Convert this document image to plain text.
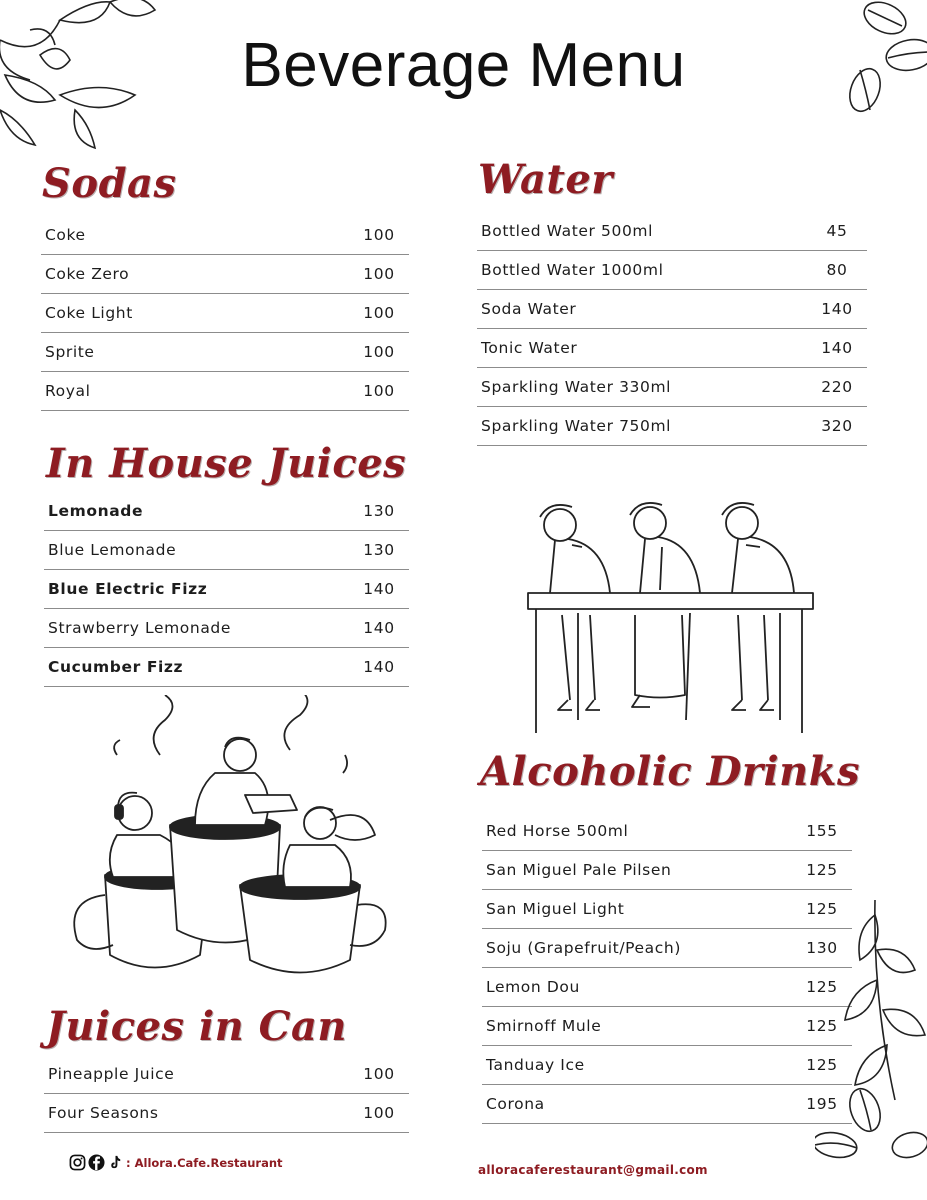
Beverage Menu
Sodas
Coke	100
Coke Zero	100
Coke Light	100
Sprite	100
Royal	100
Water
Bottled Water 500ml	45
Bottled Water 1000ml	80
Soda Water	140
Tonic Water	140
Sparkling Water 330ml	220
Sparkling Water 750ml	320
In House Juices
Lemonade	130
Blue Lemonade	130
Blue Electric Fizz	140
Strawberry Lemonade	140
Cucumber Fizz	140
Alcoholic Drinks
Red Horse 500ml	155
San Miguel Pale Pilsen	125
San Miguel Light	125
Soju (Grapefruit/Peach)	130
Lemon Dou	125
Smirnoff Mule	125
Tanduay Ice	125
Corona	195
Juices in Can
Pineapple Juice	100
Four Seasons	100
: Allora.Cafe.Restaurant
alloracaferestaurant@gmail.com
